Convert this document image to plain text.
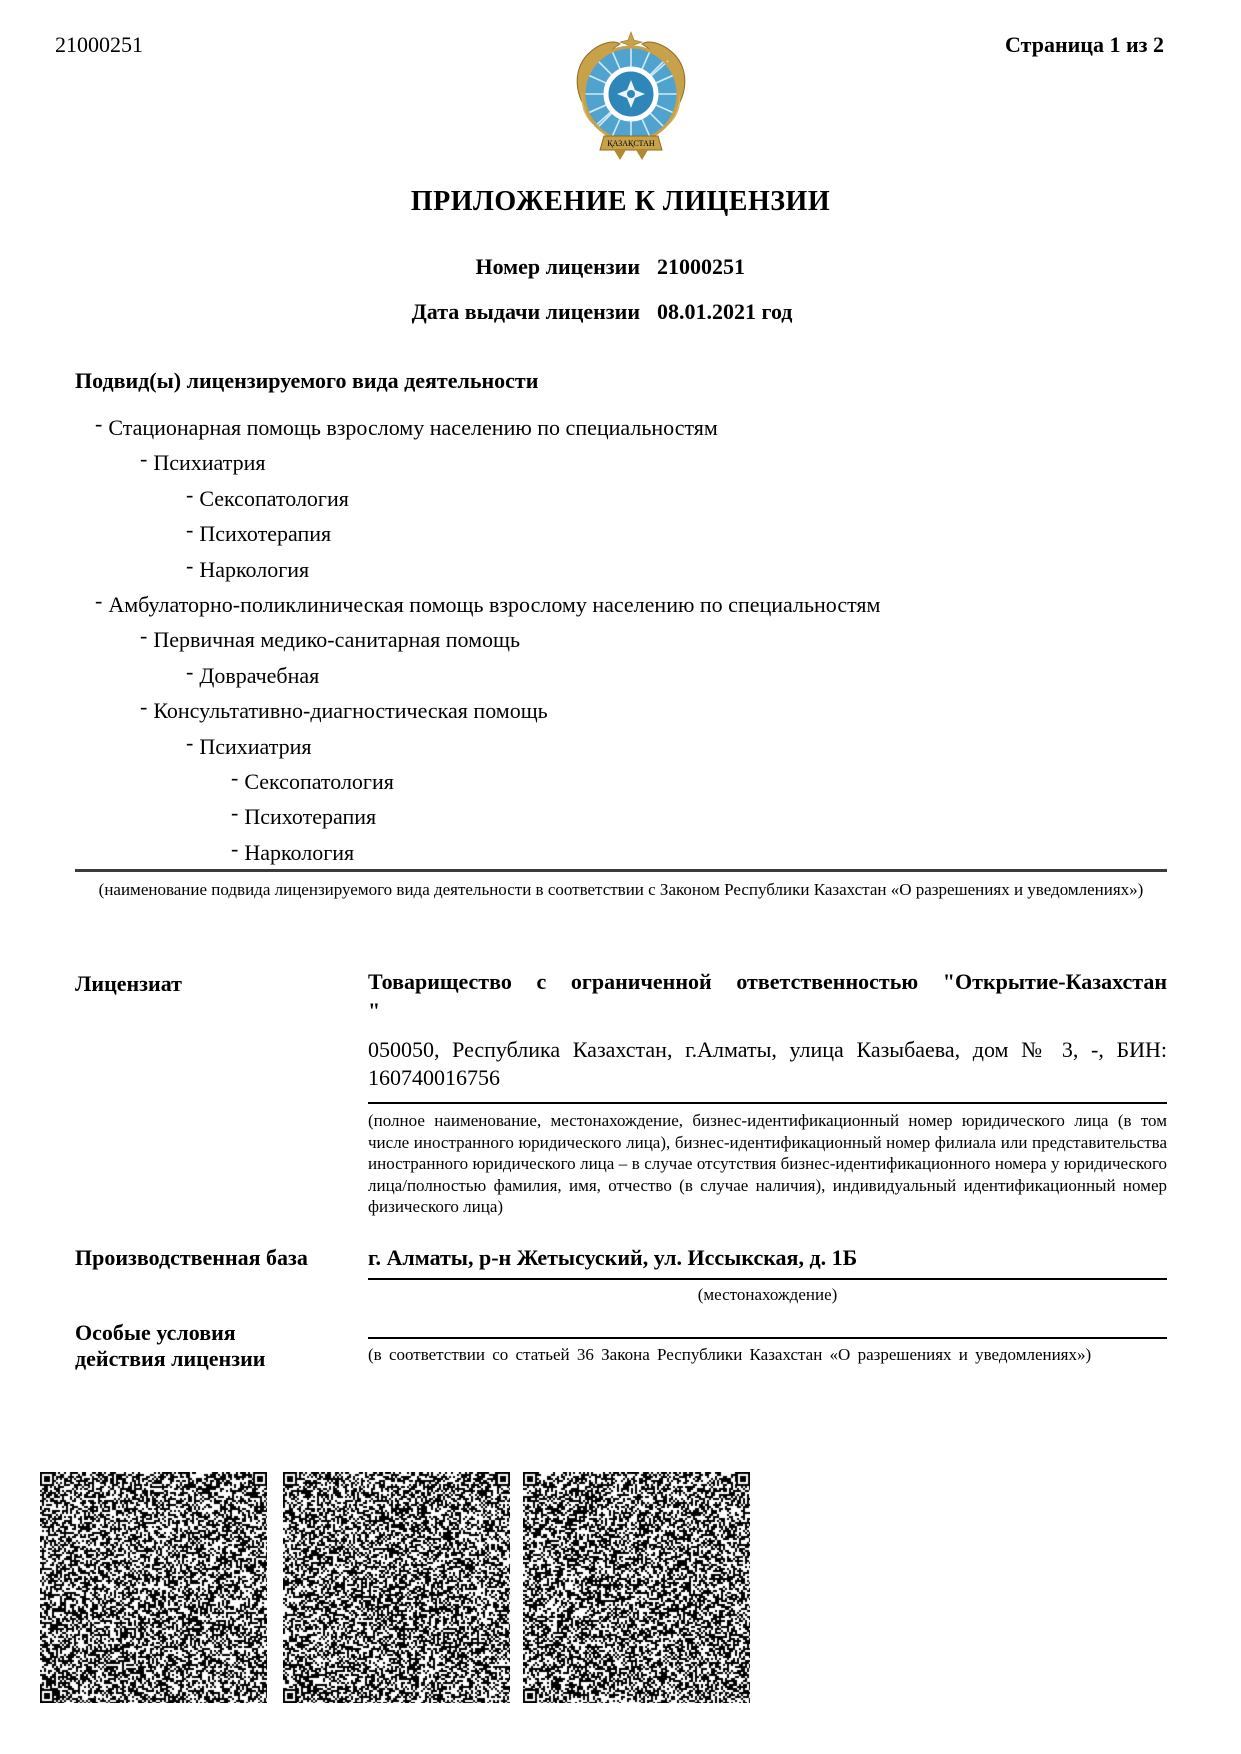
21000251	Страница 1 из 2
ҚАЗАҚСТАН
ПРИЛОЖЕНИЕ К ЛИЦЕНЗИИ
Номер лицензии 21000251
Дата выдачи лицензии 08.01.2021 год
Подвид(ы) лицензируемого вида деятельности
- Стационарная помощь взрослому населению по специальностям
- Психиатрия
- Сексопатология
- Психотерапия
- Наркология
- Амбулаторно-поликлиническая помощь взрослому населению по специальностям
- Первичная медико-санитарная помощь
- Доврачебная
- Консультативно-диагностическая помощь
- Психиатрия
- Сексопатология
- Психотерапия
- Наркология
(наименование подвида лицензируемого вида деятельности в соответствии с Законом Республики Казахстан «О разрешениях и уведомлениях»)
Лицензиат	Товарищество с ограниченной ответственностью "Открытие-Казахстан
"
050050, Республика Казахстан, г.Алматы, улица Казыбаева, дом № 3, -, БИН:
160740016756
(полное наименование, местонахождение, бизнес-идентификационный номер юридического лица (в том числе иностранного юридического лица), бизнес-идентификационный номер филиала или представительства иностранного юридического лица – в случае отсутствия бизнес-идентификационного номера у юридического лица/полностью фамилия, имя, отчество (в случае наличия), индивидуальный идентификационный номер физического лица)
Производственная база	г. Алматы, р-н Жетысуский, ул. Иссыкская, д. 1Б
(местонахождение)
Особые условия
действия лицензии	(в соответствии со статьей 36 Закона Республики Казахстан «О разрешениях и уведомлениях»)
